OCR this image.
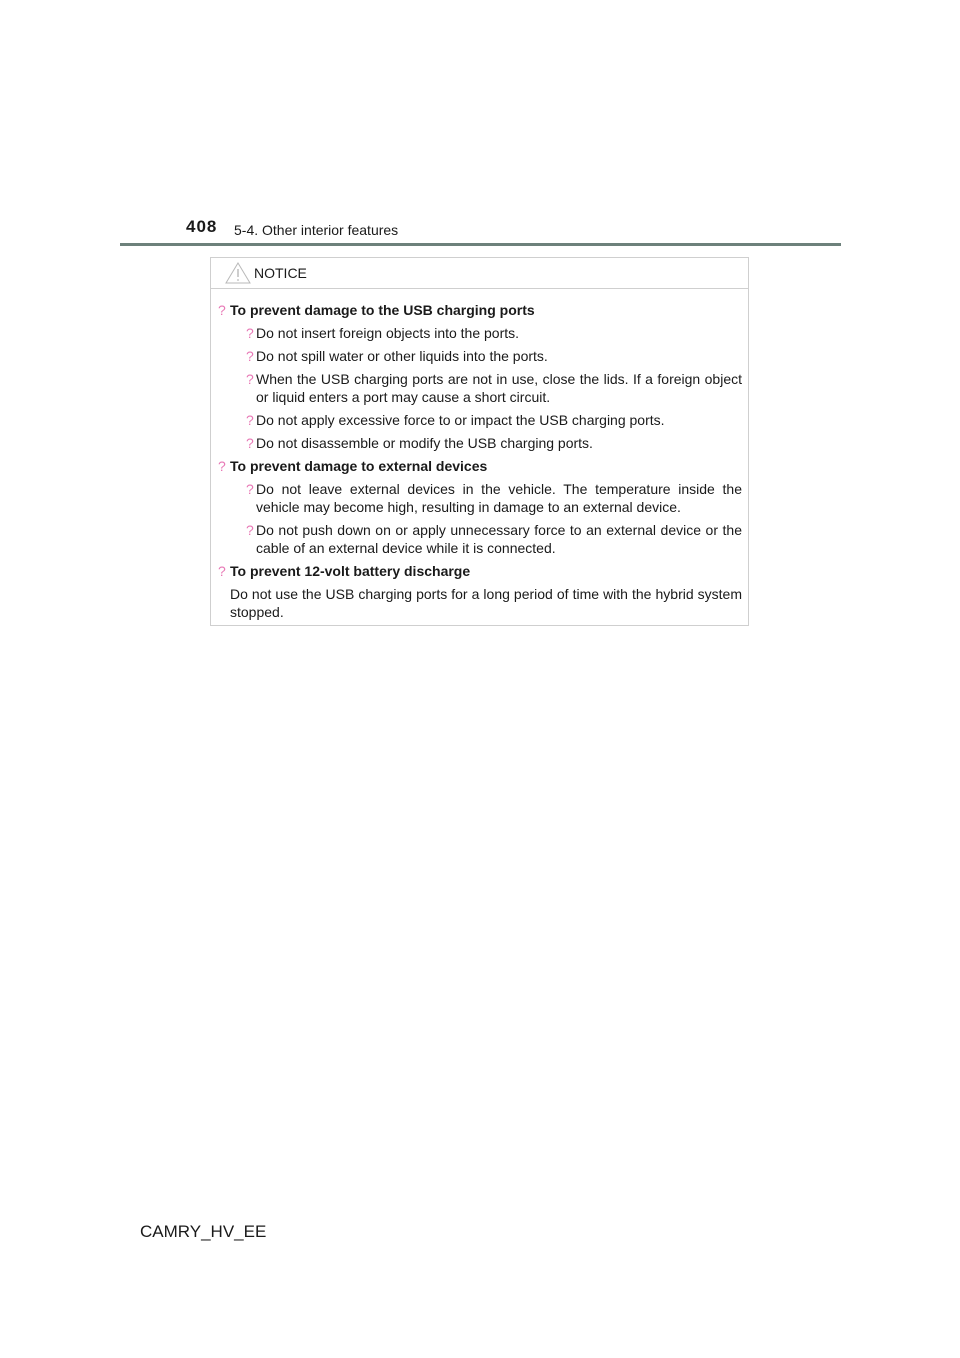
408 5-4. Other interior features
NOTICE
? To prevent damage to the USB charging ports
? Do not insert foreign objects into the ports.
? Do not spill water or other liquids into the ports.
? When the USB charging ports are not in use, close the lids. If a foreign object or liquid enters a port may cause a short circuit.
? Do not apply excessive force to or impact the USB charging ports.
? Do not disassemble or modify the USB charging ports.
? To prevent damage to external devices
? Do not leave external devices in the vehicle. The temperature inside the vehicle may become high, resulting in damage to an external device.
? Do not push down on or apply unnecessary force to an external device or the cable of an external device while it is connected.
? To prevent 12-volt battery discharge
Do not use the USB charging ports for a long period of time with the hybrid system stopped.
CAMRY_HV_EE
